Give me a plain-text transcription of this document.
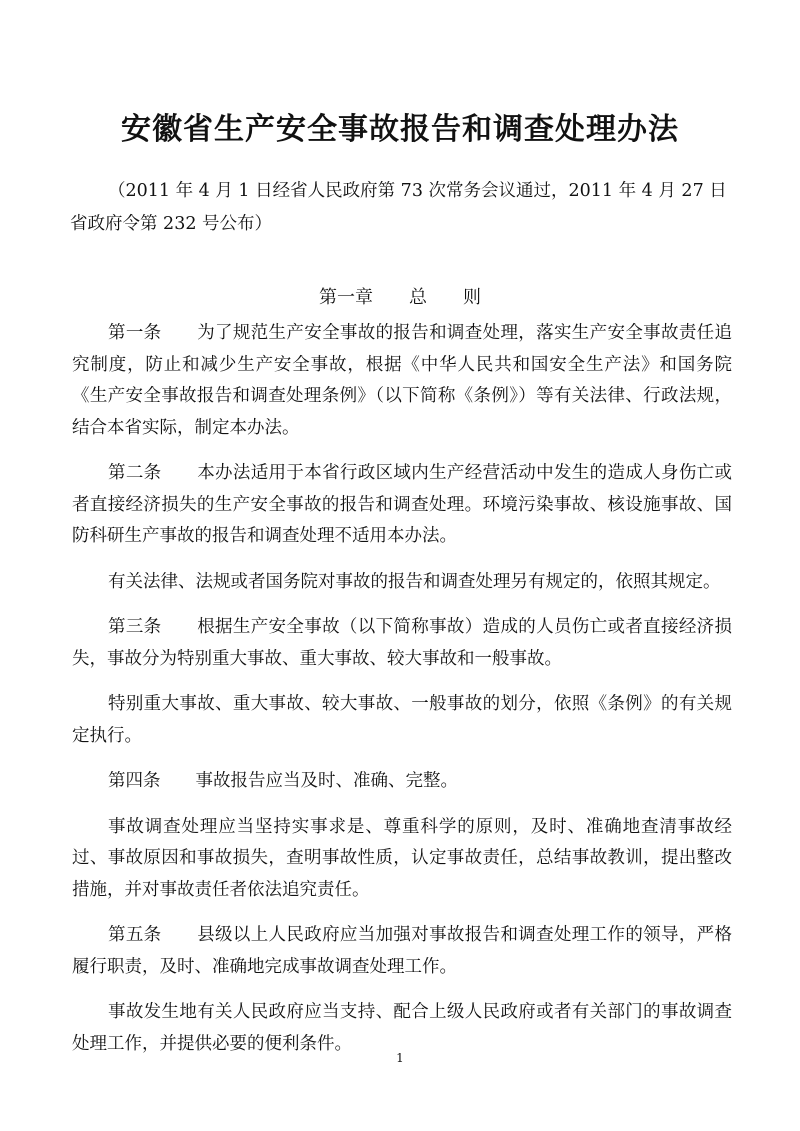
安徽省生产安全事故报告和调查处理办法

（2011 年 4 月 1 日经省人民政府第 73 次常务会议通过，2011 年 4 月 27 日省政府令第 232 号公布）

第一章　　总　　则

第一条　　 为了规范生产安全事故的报告和调查处理，落实生产安全事故责任追究制度，防止和减少生产安全事故，根据《中华人民共和国安全生产法》和国务院《生产安全事故报告和调查处理条例》（以下简称《条例》）等有关法律、行政法规，结合本省实际，制定本办法。

第二条　　 本办法适用于本省行政区域内生产经营活动中发生的造成人身伤亡或者直接经济损失的生产安全事故的报告和调查处理。环境污染事故、核设施事故、国防科研生产事故的报告和调查处理不适用本办法。

有关法律、法规或者国务院对事故的报告和调查处理另有规定的，依照其规定。

第三条　　 根据生产安全事故（以下简称事故）造成的人员伤亡或者直接经济损失，事故分为特别重大事故、重大事故、较大事故和一般事故。

特别重大事故、重大事故、较大事故、一般事故的划分，依照《条例》的有关规定执行。

第四条　　 事故报告应当及时、准确、完整。

事故调查处理应当坚持实事求是、尊重科学的原则，及时、准确地查清事故经过、事故原因和事故损失，查明事故性质，认定事故责任，总结事故教训，提出整改措施，并对事故责任者依法追究责任。

第五条　　 县级以上人民政府应当加强对事故报告和调查处理工作的领导，严格履行职责，及时、准确地完成事故调查处理工作。

事故发生地有关人民政府应当支持、配合上级人民政府或者有关部门的事故调查处理工作，并提供必要的便利条件。

1
